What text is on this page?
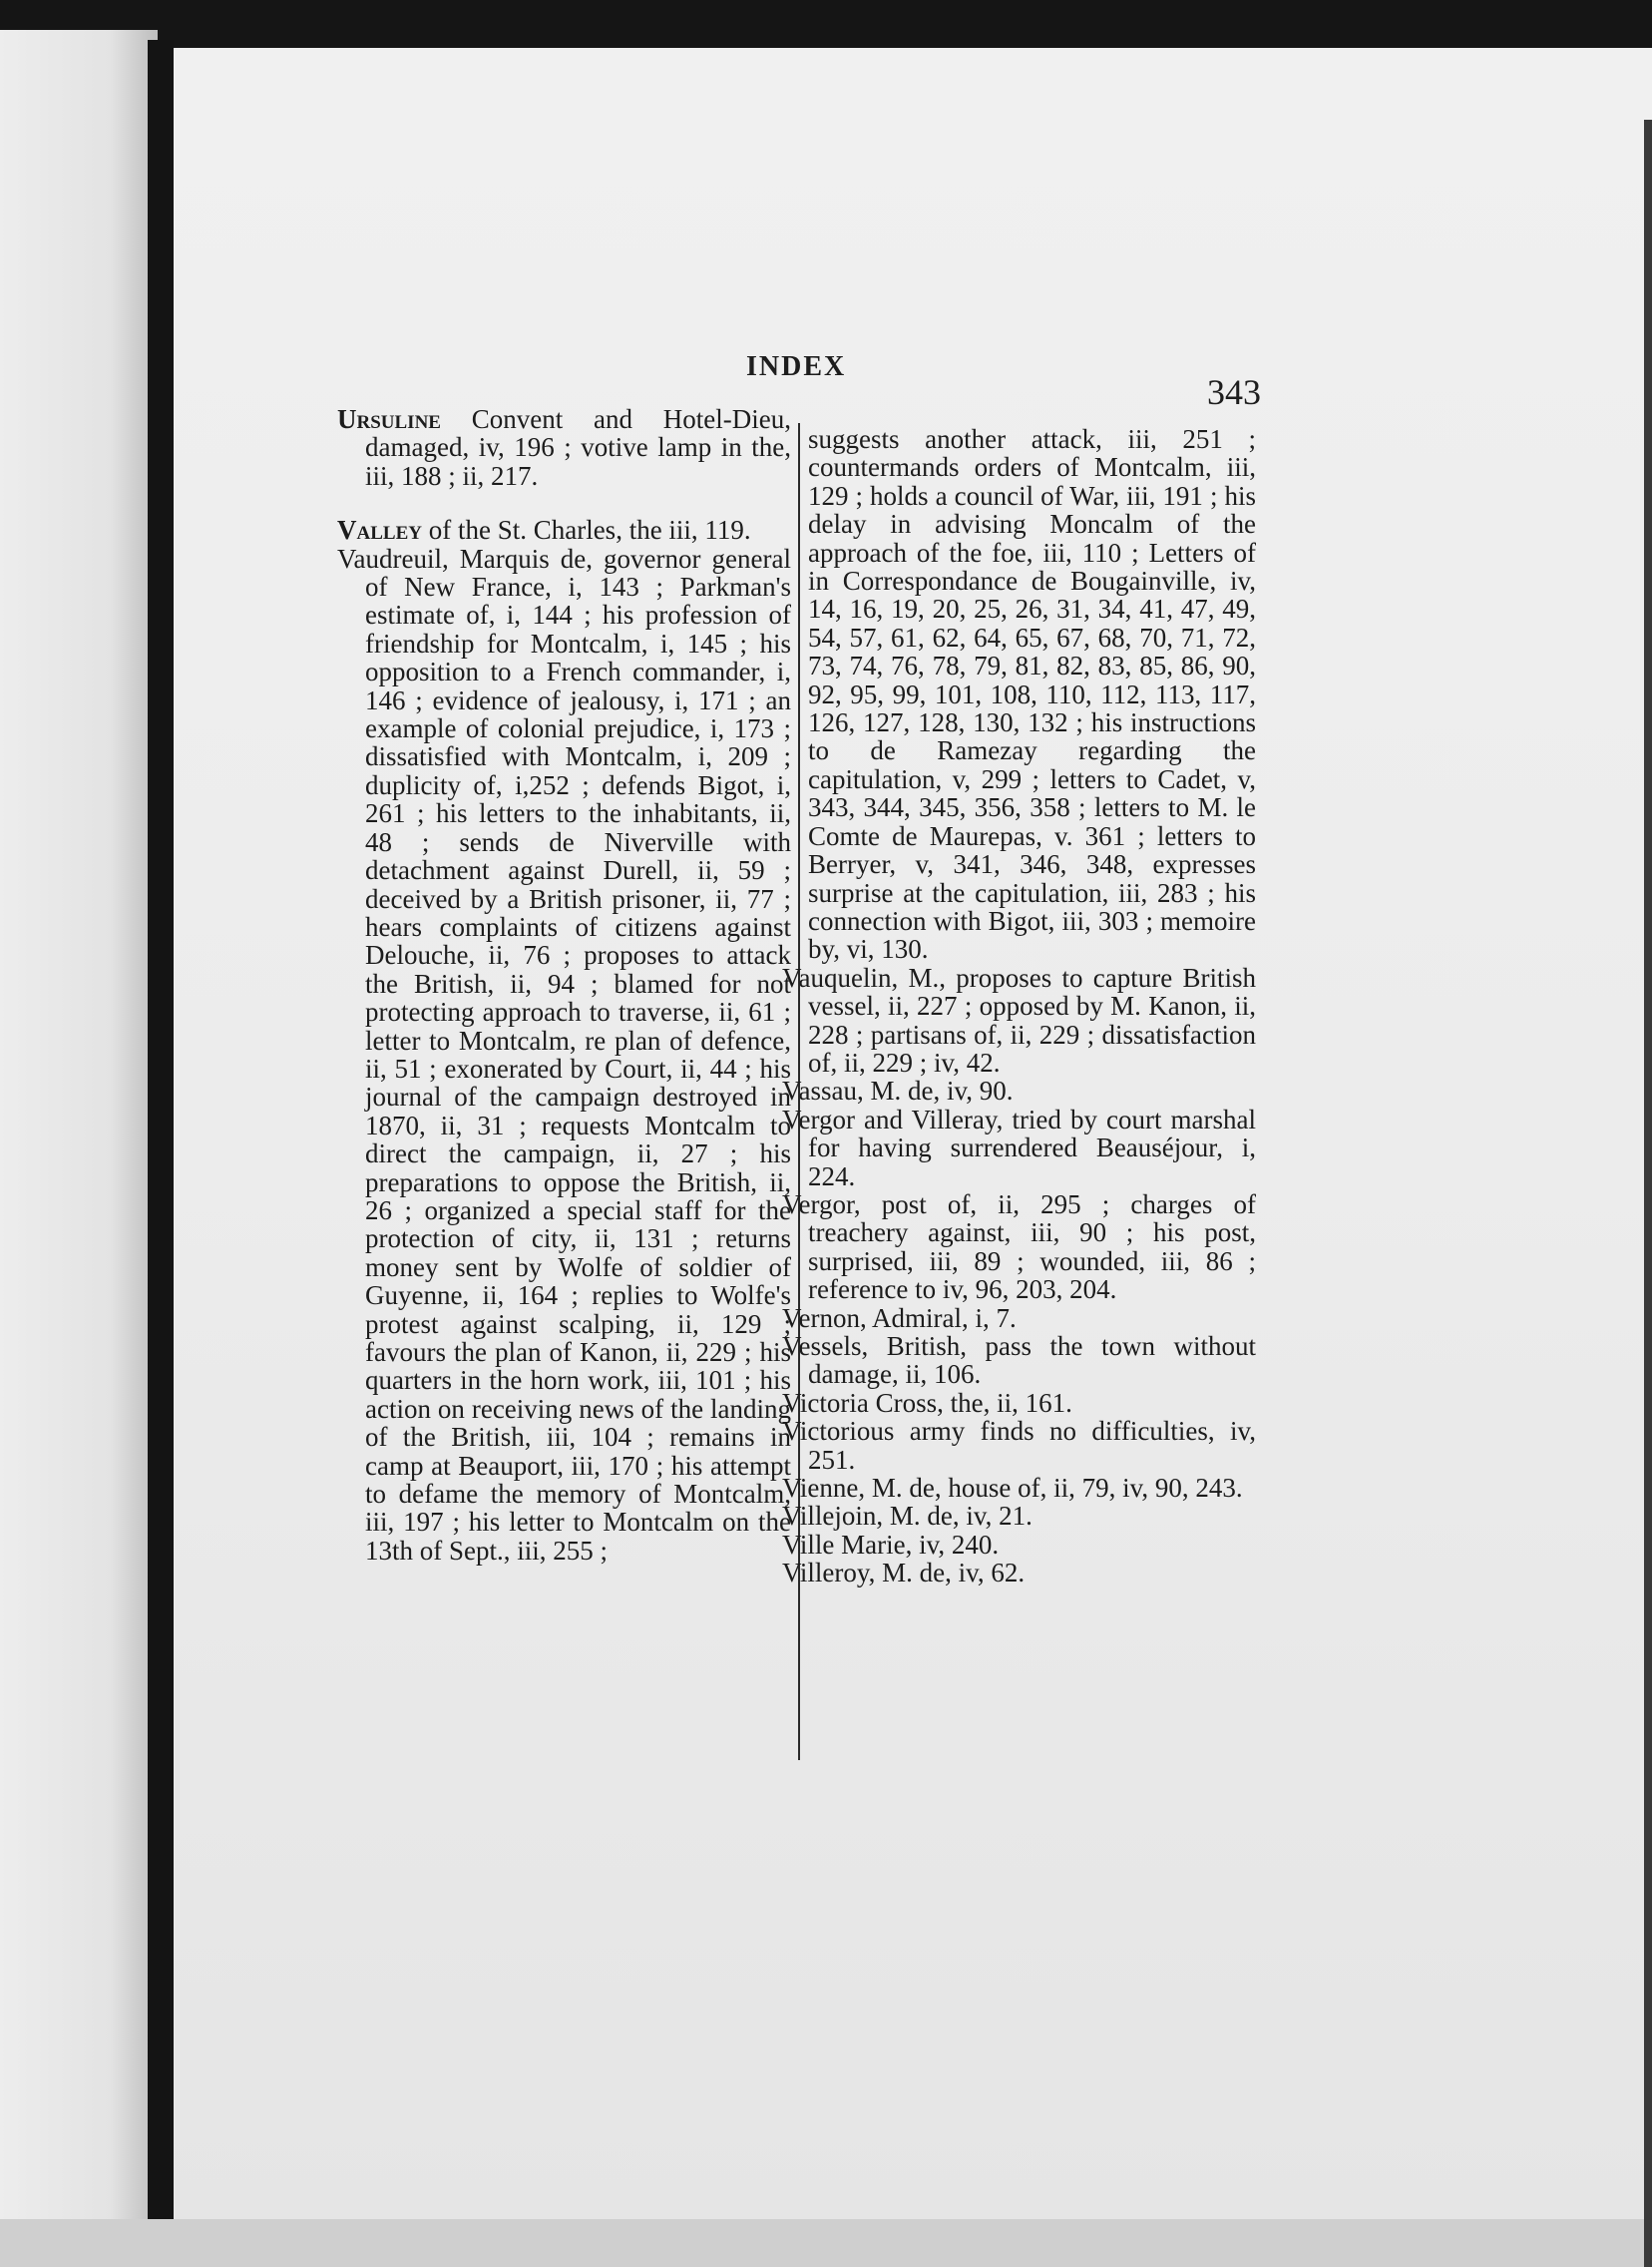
INDEX
343

Ursuline Convent and Hotel-Dieu, damaged, iv, 196 ; votive lamp in the, iii, 188 ; ii, 217.

Valley of the St. Charles, the iii, 119.

Vaudreuil, Marquis de, governor general of New France, i, 143 ; Parkman's estimate of, i, 144 ; his profession of friendship for Montcalm, i, 145 ; his opposition to a French commander, i, 146 ; evidence of jealousy, i, 171 ; an example of colonial prejudice, i, 173 ; dissatisfied with Montcalm, i, 209 ; duplicity of, i,252 ; defends Bigot, i, 261 ; his letters to the inhabitants, ii, 48 ; sends de Niverville with detachment against Durell, ii, 59 ; deceived by a British prisoner, ii, 77 ; hears complaints of citizens against Delouche, ii, 76 ; proposes to attack the British, ii, 94 ; blamed for not protecting approach to traverse, ii, 61 ; letter to Montcalm, re plan of defence, ii, 51 ; exonerated by Court, ii, 44 ; his journal of the campaign destroyed in 1870, ii, 31 ; requests Montcalm to direct the campaign, ii, 27 ; his preparations to oppose the British, ii, 26 ; organized a special staff for the protection of city, ii, 131 ; returns money sent by Wolfe of soldier of Guyenne, ii, 164 ; replies to Wolfe's protest against scalping, ii, 129 ; favours the plan of Kanon, ii, 229 ; his quarters in the horn work, iii, 101 ; his action on receiving news of the landing of the British, iii, 104 ; remains in camp at Beauport, iii, 170 ; his attempt to defame the memory of Montcalm, iii, 197 ; his letter to Montcalm on the 13th of Sept., iii, 255 ;

suggests another attack, iii, 251 ; countermands orders of Montcalm, iii, 129 ; holds a council of War, iii, 191 ; his delay in advising Moncalm of the approach of the foe, iii, 110 ; Letters of in Correspondance de Bougainville, iv, 14, 16, 19, 20, 25, 26, 31, 34, 41, 47, 49, 54, 57, 61, 62, 64, 65, 67, 68, 70, 71, 72, 73, 74, 76, 78, 79, 81, 82, 83, 85, 86, 90, 92, 95, 99, 101, 108, 110, 112, 113, 117, 126, 127, 128, 130, 132 ; his instructions to de Ramezay regarding the capitulation, v, 299 ; letters to Cadet, v, 343, 344, 345, 356, 358 ; letters to M. le Comte de Maurepas, v. 361 ; letters to Berryer, v, 341, 346, 348, expresses surprise at the capitulation, iii, 283 ; his connection with Bigot, iii, 303 ; memoire by, vi, 130.

Vauquelin, M., proposes to capture British vessel, ii, 227 ; opposed by M. Kanon, ii, 228 ; partisans of, ii, 229 ; dissatisfaction of, ii, 229 ; iv, 42.

Vassau, M. de, iv, 90.

Vergor and Villeray, tried by court marshal for having surrendered Beauséjour, i, 224.

Vergor, post of, ii, 295 ; charges of treachery against, iii, 90 ; his post, surprised, iii, 89 ; wounded, iii, 86 ; reference to iv, 96, 203, 204.

Vernon, Admiral, i, 7.

Vessels, British, pass the town without damage, ii, 106.

Victoria Cross, the, ii, 161.

Victorious army finds no difficulties, iv, 251.

Vienne, M. de, house of, ii, 79, iv, 90, 243.

Villejoin, M. de, iv, 21.

Ville Marie, iv, 240.

Villeroy, M. de, iv, 62.
